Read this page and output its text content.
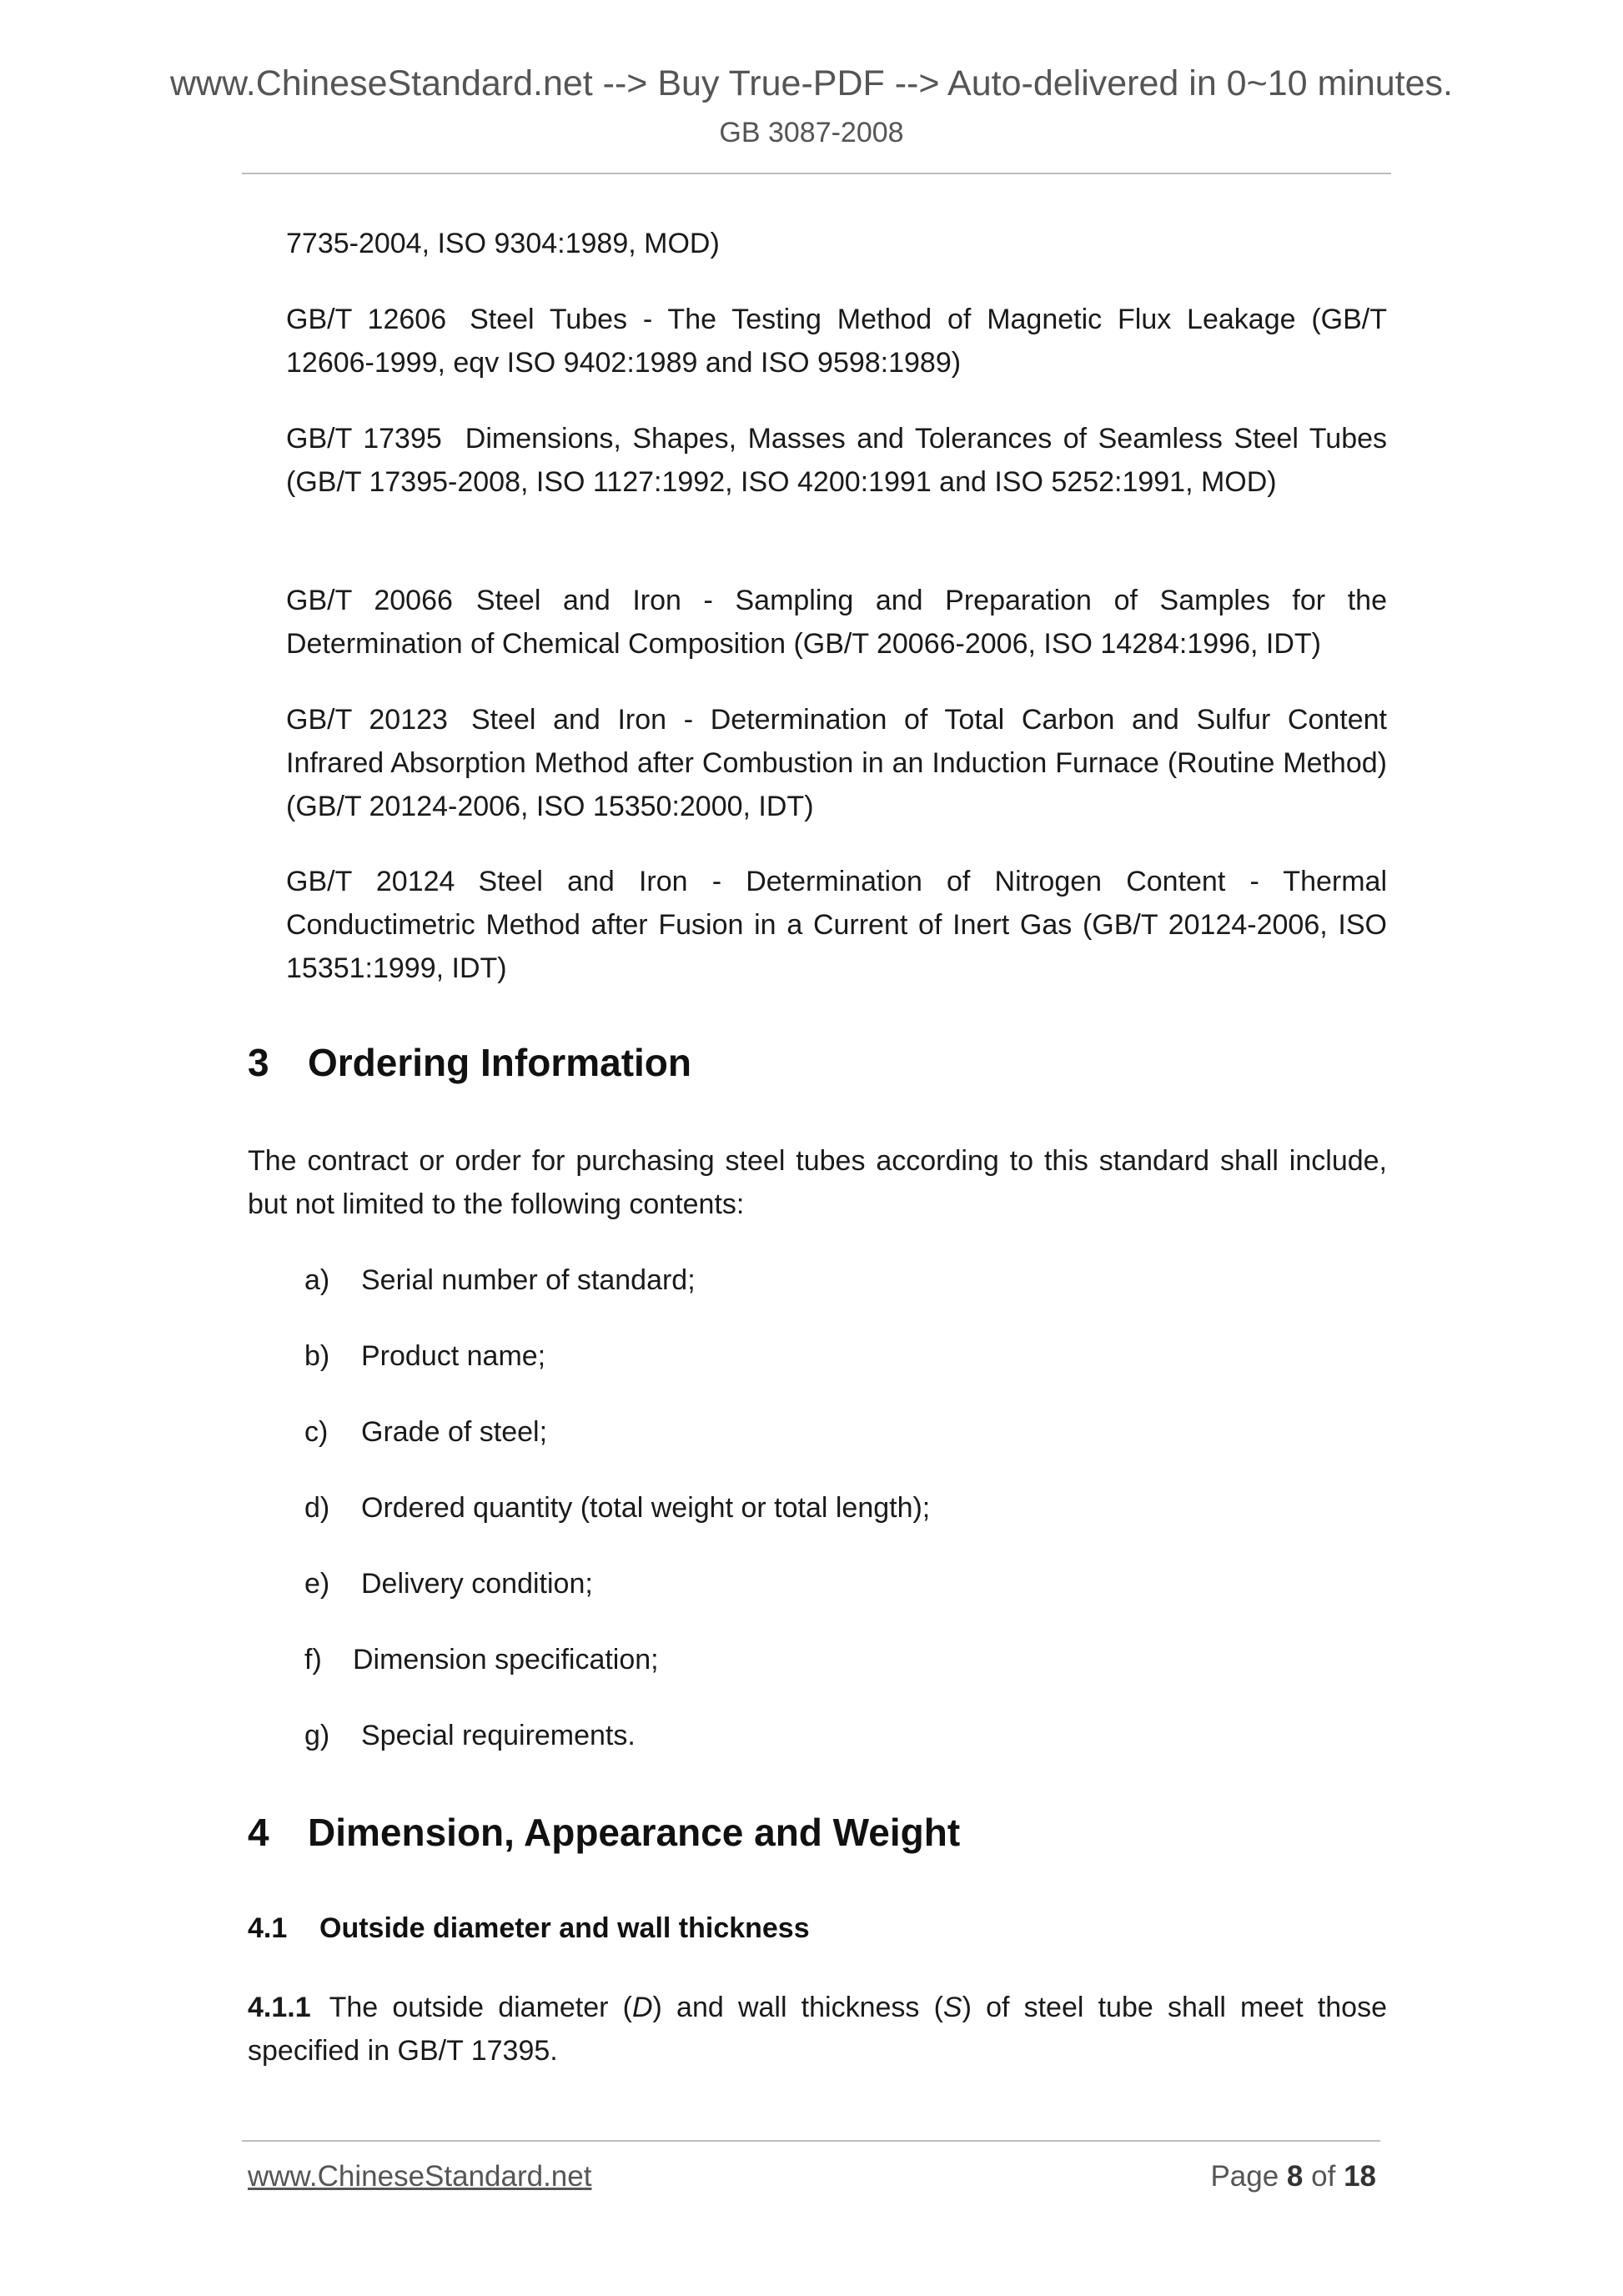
www.ChineseStandard.net --> Buy True-PDF --> Auto-delivered in 0~10 minutes.
GB 3087-2008
7735-2004, ISO 9304:1989, MOD)
GB/T 12606 Steel Tubes - The Testing Method of Magnetic Flux Leakage (GB/T 12606-1999, eqv ISO 9402:1989 and ISO 9598:1989)
GB/T 17395 Dimensions, Shapes, Masses and Tolerances of Seamless Steel Tubes (GB/T 17395-2008, ISO 1127:1992, ISO 4200:1991 and ISO 5252:1991, MOD)
GB/T 20066 Steel and Iron - Sampling and Preparation of Samples for the Determination of Chemical Composition (GB/T 20066-2006, ISO 14284:1996, IDT)
GB/T 20123 Steel and Iron - Determination of Total Carbon and Sulfur Content Infrared Absorption Method after Combustion in an Induction Furnace (Routine Method) (GB/T 20124-2006, ISO 15350:2000, IDT)
GB/T 20124 Steel and Iron - Determination of Nitrogen Content - Thermal Conductimetric Method after Fusion in a Current of Inert Gas (GB/T 20124-2006, ISO 15351:1999, IDT)
3 Ordering Information
The contract or order for purchasing steel tubes according to this standard shall include, but not limited to the following contents:
a) Serial number of standard;
b) Product name;
c) Grade of steel;
d) Ordered quantity (total weight or total length);
e) Delivery condition;
f) Dimension specification;
g) Special requirements.
4 Dimension, Appearance and Weight
4.1 Outside diameter and wall thickness
4.1.1 The outside diameter (D) and wall thickness (S) of steel tube shall meet those specified in GB/T 17395.
www.ChineseStandard.net	Page 8 of 18
